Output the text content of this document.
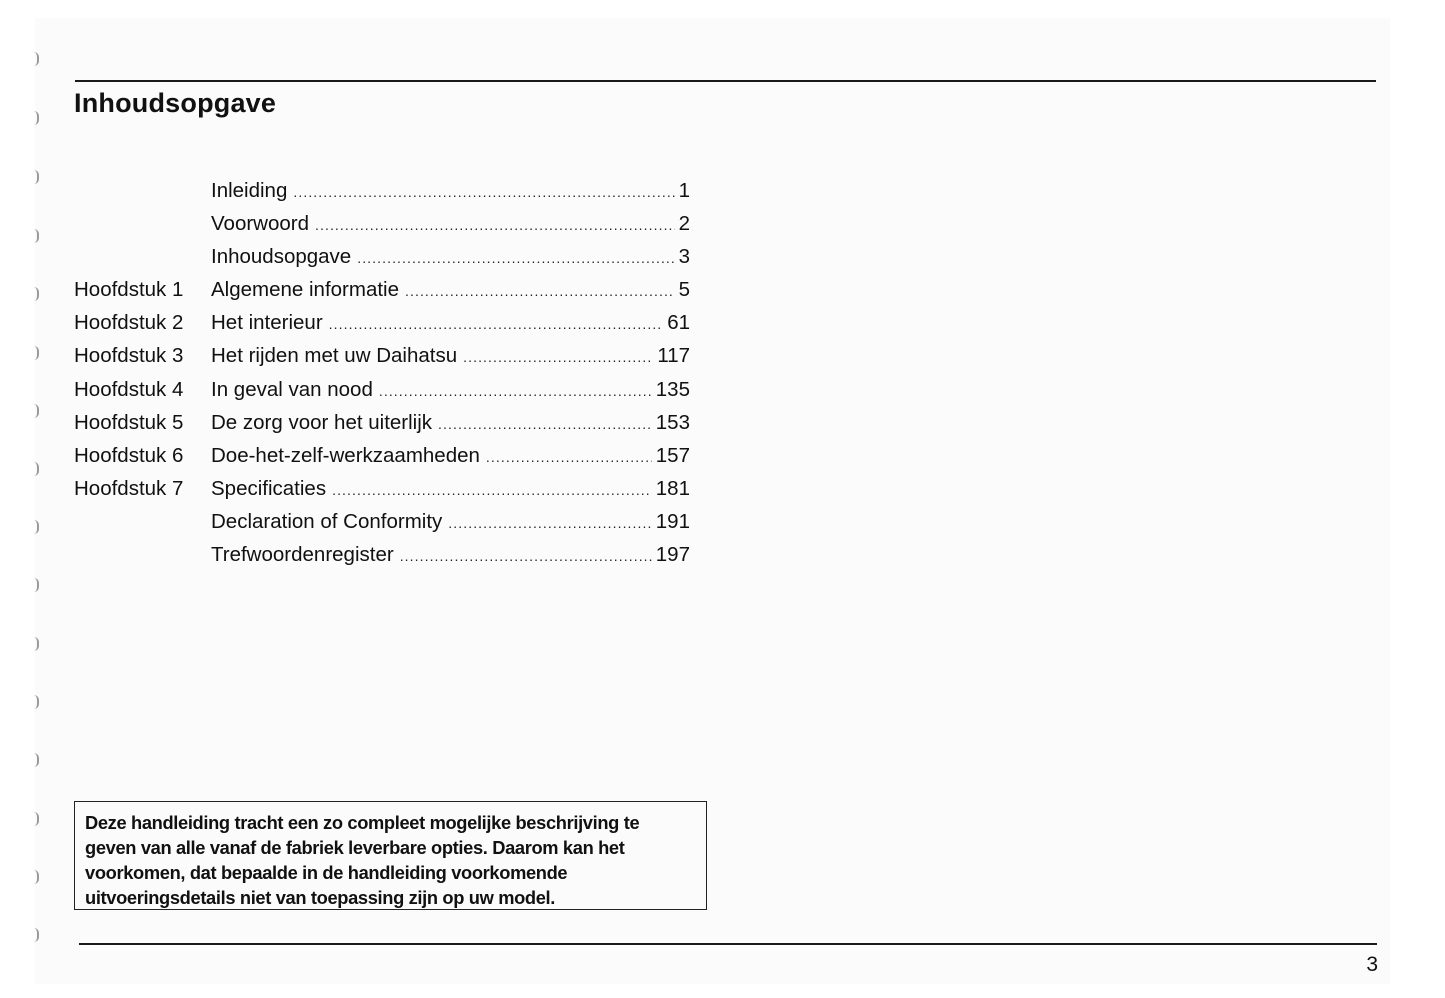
Inhoudsopgave
Inleiding . . .	1
Voorwoord . . .	2
Inhoudsopgave . . .	3
Hoofdstuk 1	Algemene informatie . . .	5
Hoofdstuk 2	Het interieur . . .	61
Hoofdstuk 3	Het rijden met uw Daihatsu . . .	117
Hoofdstuk 4	In geval van nood . . .	135
Hoofdstuk 5	De zorg voor het uiterlijk . . .	153
Hoofdstuk 6	Doe-het-zelf-werkzaamheden . . .	157
Hoofdstuk 7	Specificaties . . .	181
Declaration of Conformity . . .	191
Trefwoordenregister . . .	197
Deze handleiding tracht een zo compleet mogelijke beschrijving te geven van alle vanaf de fabriek leverbare opties. Daarom kan het voorkomen, dat bepaalde in de handleiding voorkomende uitvoeringsdetails niet van toepassing zijn op uw model.
3
